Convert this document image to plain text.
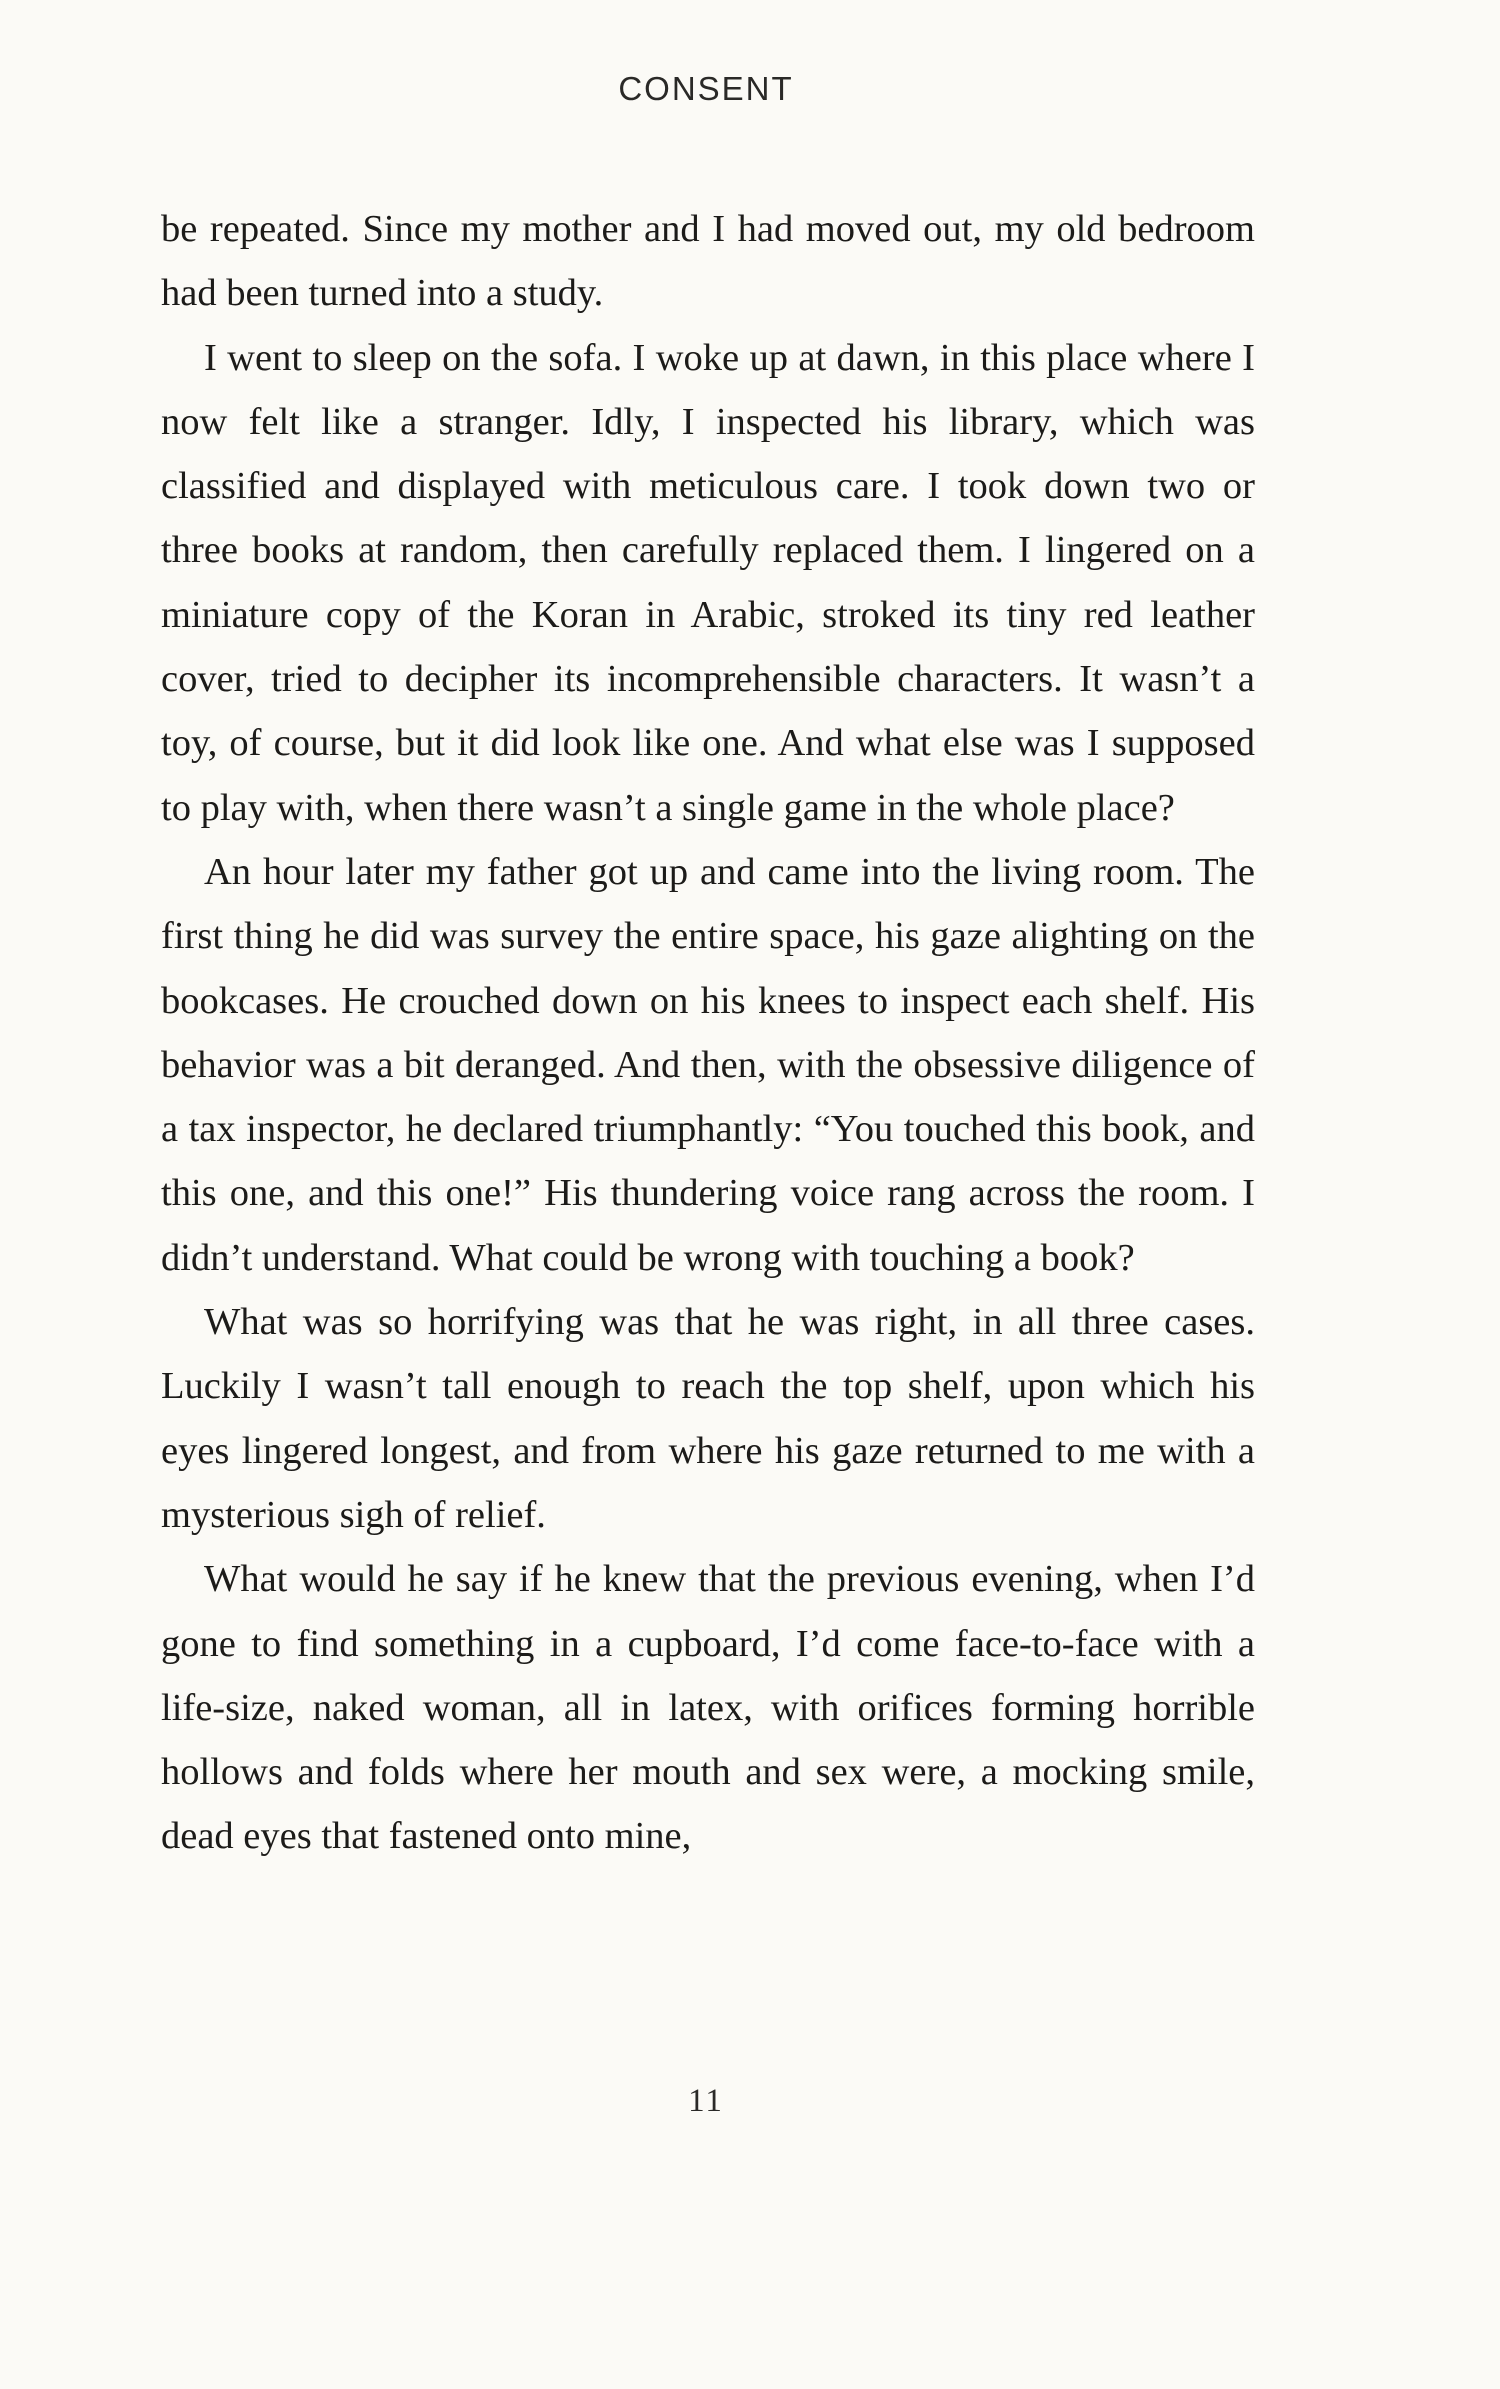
CONSENT

be repeated. Since my mother and I had moved out, my old bedroom had been turned into a study.

I went to sleep on the sofa. I woke up at dawn, in this place where I now felt like a stranger. Idly, I inspected his library, which was classified and displayed with meticulous care. I took down two or three books at random, then carefully replaced them. I lingered on a miniature copy of the Koran in Arabic, stroked its tiny red leather cover, tried to decipher its incomprehensible characters. It wasn’t a toy, of course, but it did look like one. And what else was I supposed to play with, when there wasn’t a single game in the whole place?

An hour later my father got up and came into the living room. The first thing he did was survey the entire space, his gaze alighting on the bookcases. He crouched down on his knees to inspect each shelf. His behavior was a bit deranged. And then, with the obsessive diligence of a tax inspector, he declared triumphantly: “You touched this book, and this one, and this one!” His thundering voice rang across the room. I didn’t understand. What could be wrong with touching a book?

What was so horrifying was that he was right, in all three cases. Luckily I wasn’t tall enough to reach the top shelf, upon which his eyes lingered longest, and from where his gaze returned to me with a mysterious sigh of relief.

What would he say if he knew that the previous evening, when I’d gone to find something in a cupboard, I’d come face-to-face with a life-size, naked woman, all in latex, with orifices forming horrible hollows and folds where her mouth and sex were, a mocking smile, dead eyes that fastened onto mine,

11
